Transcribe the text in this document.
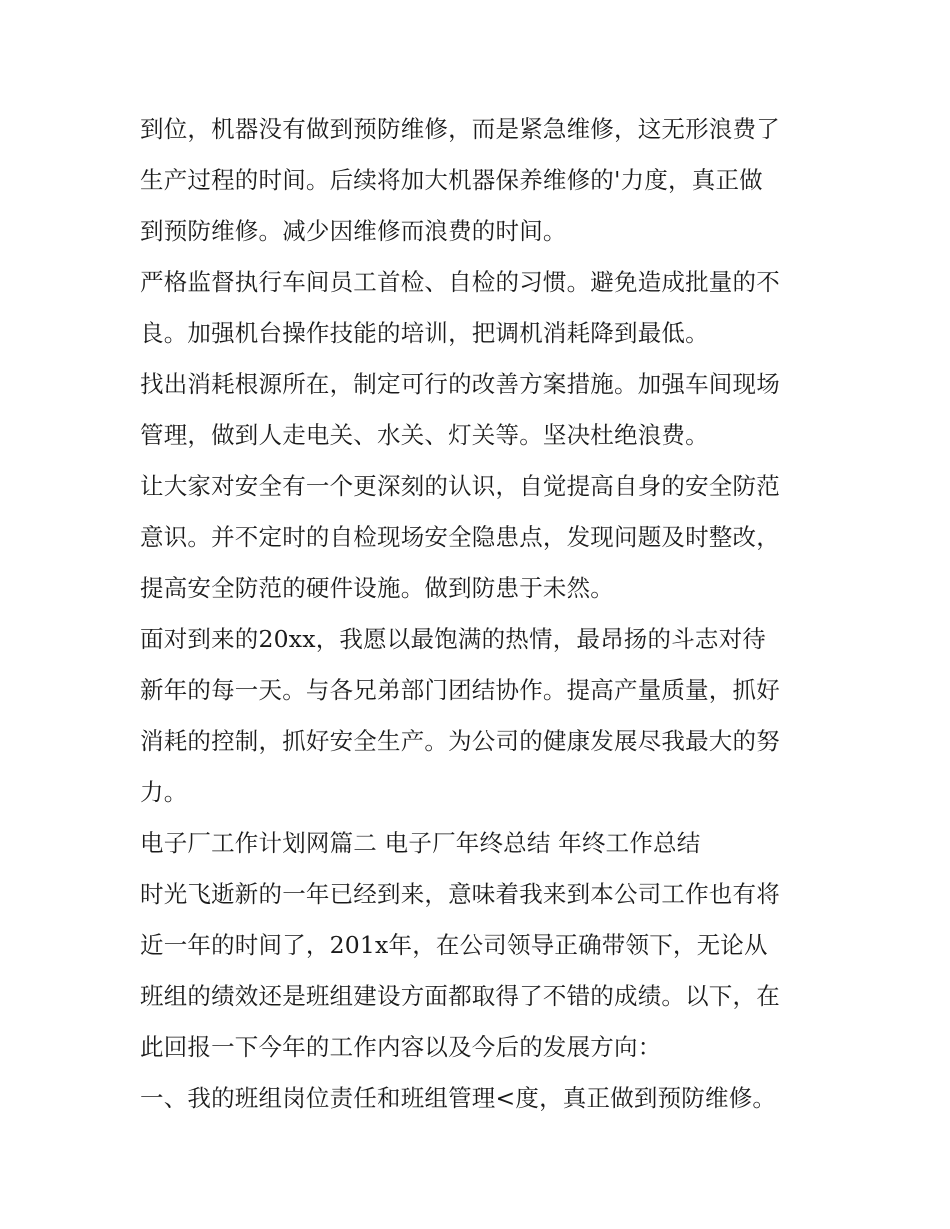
到位，机器没有做到预防维修，而是紧急维修，这无形浪费了
生产过程的时间。后续将加大机器保养维修的'力度，真正做
到预防维修。减少因维修而浪费的时间。
严格监督执行车间员工首检、自检的习惯。避免造成批量的不
良。加强机台操作技能的培训，把调机消耗降到最低。
找出消耗根源所在，制定可行的改善方案措施。加强车间现场
管理，做到人走电关、水关、灯关等。坚决杜绝浪费。
让大家对安全有一个更深刻的认识，自觉提高自身的安全防范
意识。并不定时的自检现场安全隐患点，发现问题及时整改，
提高安全防范的硬件设施。做到防患于未然。
面对到来的20xx，我愿以最饱满的热情，最昂扬的斗志对待
新年的每一天。与各兄弟部门团结协作。提高产量质量，抓好
消耗的控制，抓好安全生产。为公司的健康发展尽我最大的努
力。
电子厂工作计划网篇二 电子厂年终总结 年终工作总结
时光飞逝新的一年已经到来，意味着我来到本公司工作也有将
近一年的时间了，201x年，在公司领导正确带领下，无论从
班组的绩效还是班组建设方面都取得了不错的成绩。以下，在
此回报一下今年的工作内容以及今后的发展方向：
一、我的班组岗位责任和班组管理<度，真正做到预防维修。
